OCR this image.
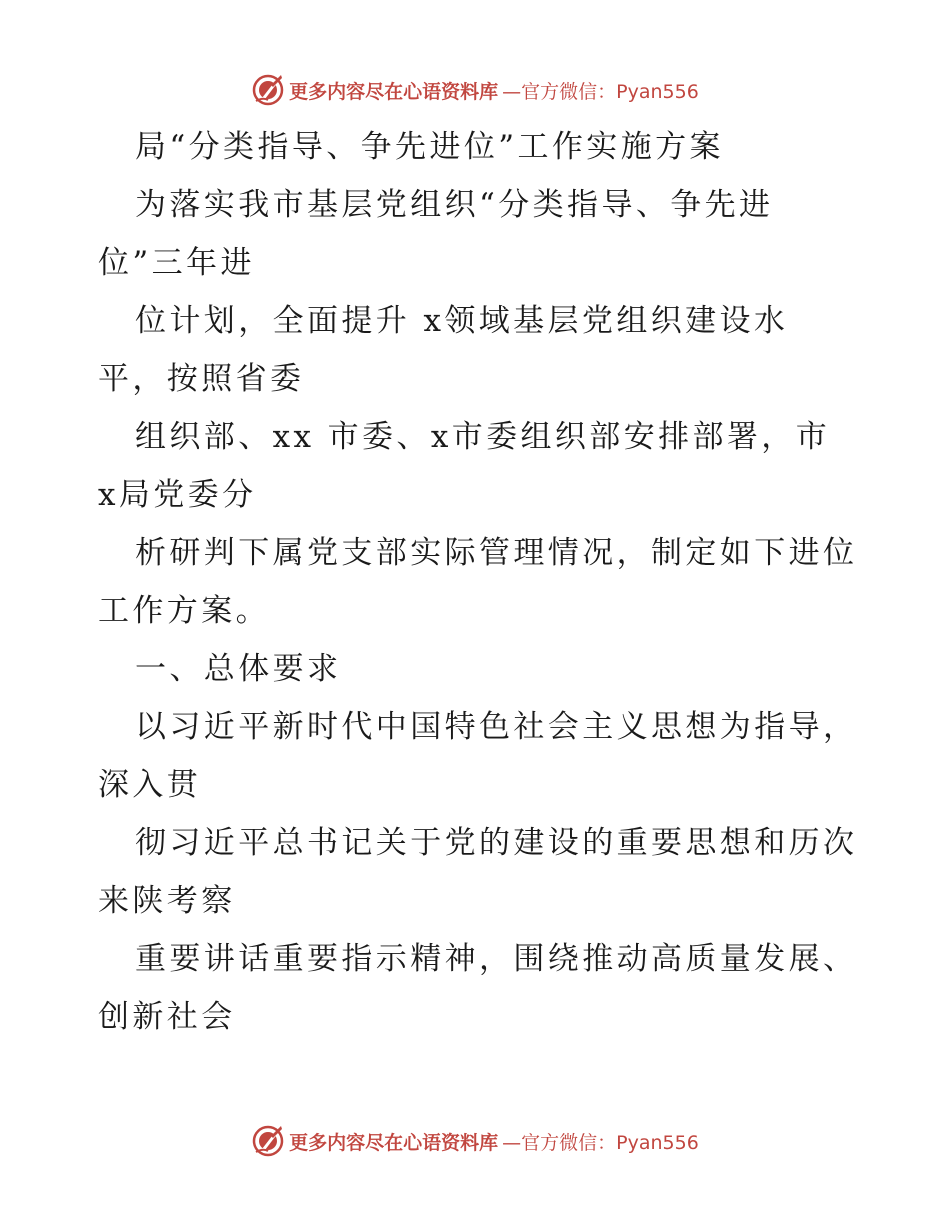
更多内容尽在心语资料库 —官方微信：Pyan556
局“分类指导、争先进位”工作实施方案
为落实我市基层党组织“分类指导、争先进
位”三年进
位计划，全面提升 x领域基层党组织建设水
平，按照省委
组织部、xx 市委、x市委组织部安排部署，市
x局党委分
析研判下属党支部实际管理情况，制定如下进位
工作方案。
一、总体要求
以习近平新时代中国特色社会主义思想为指导，
深入贯
彻习近平总书记关于党的建设的重要思想和历次
来陕考察
重要讲话重要指示精神，围绕推动高质量发展、
创新社会
更多内容尽在心语资料库 —官方微信：Pyan556
